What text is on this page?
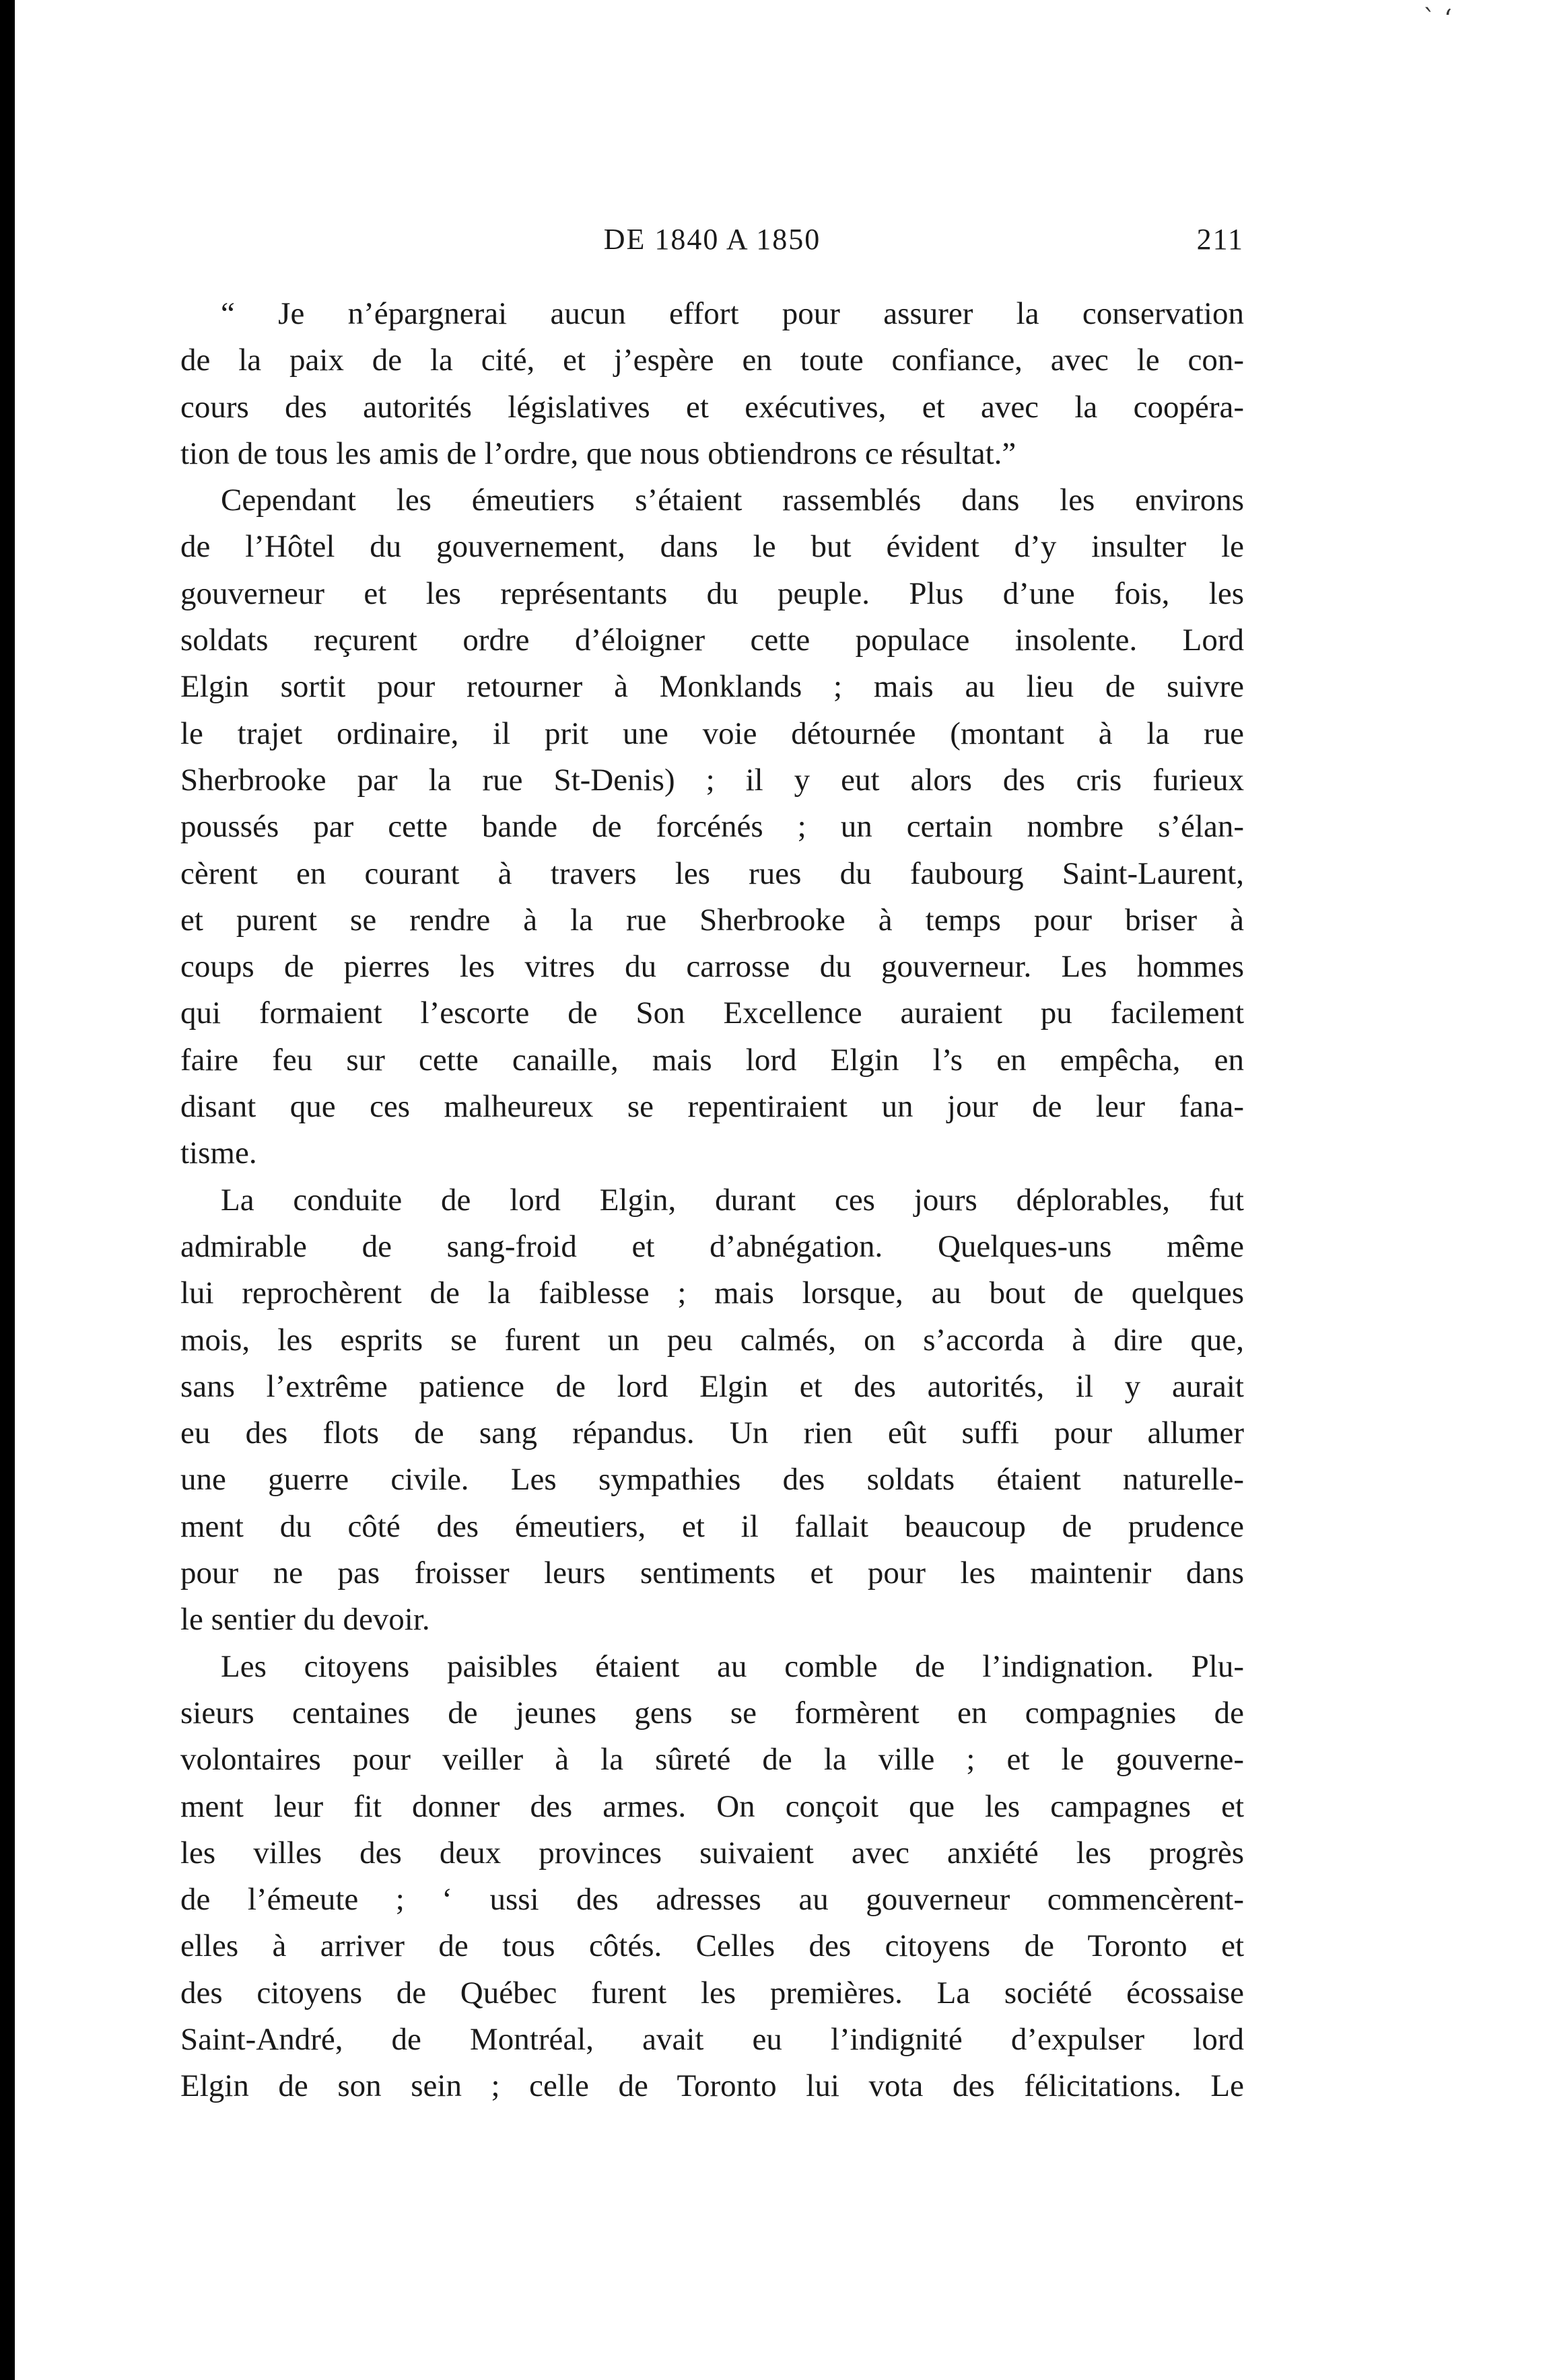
` ‘
DE 1840 A 1850	211
“ Je n’épargnerai aucun effort pour assurer la conservation
de la paix de la cité, et j’espère en toute confiance, avec le con-
cours des autorités législatives et exécutives, et avec la coopéra-
tion de tous les amis de l’ordre, que nous obtiendrons ce résultat.”
Cependant les émeutiers s’étaient rassemblés dans les environs
de l’Hôtel du gouvernement, dans le but évident d’y insulter le
gouverneur et les représentants du peuple. Plus d’une fois, les
soldats reçurent ordre d’éloigner cette populace insolente. Lord
Elgin sortit pour retourner à Monklands ; mais au lieu de suivre
le trajet ordinaire, il prit une voie détournée (montant à la rue
Sherbrooke par la rue St-Denis) ; il y eut alors des cris furieux
poussés par cette bande de forcénés ; un certain nombre s’élan-
cèrent en courant à travers les rues du faubourg Saint-Laurent,
et purent se rendre à la rue Sherbrooke à temps pour briser à
coups de pierres les vitres du carrosse du gouverneur. Les hommes
qui formaient l’escorte de Son Excellence auraient pu facilement
faire feu sur cette canaille, mais lord Elgin l’s en empêcha, en
disant que ces malheureux se repentiraient un jour de leur fana-
tisme.
La conduite de lord Elgin, durant ces jours déplorables, fut
admirable de sang-froid et d’abnégation. Quelques-uns même
lui reprochèrent de la faiblesse ; mais lorsque, au bout de quelques
mois, les esprits se furent un peu calmés, on s’accorda à dire que,
sans l’extrême patience de lord Elgin et des autorités, il y aurait
eu des flots de sang répandus. Un rien eût suffi pour allumer
une guerre civile. Les sympathies des soldats étaient naturelle-
ment du côté des émeutiers, et il fallait beaucoup de prudence
pour ne pas froisser leurs sentiments et pour les maintenir dans
le sentier du devoir.
Les citoyens paisibles étaient au comble de l’indignation. Plu-
sieurs centaines de jeunes gens se formèrent en compagnies de
volontaires pour veiller à la sûreté de la ville ; et le gouverne-
ment leur fit donner des armes. On conçoit que les campagnes et
les villes des deux provinces suivaient avec anxiété les progrès
de l’émeute ; ‘ ussi des adresses au gouverneur commencèrent-
elles à arriver de tous côtés. Celles des citoyens de Toronto et
des citoyens de Québec furent les premières. La société écossaise
Saint-André, de Montréal, avait eu l’indignité d’expulser lord
Elgin de son sein ; celle de Toronto lui vota des félicitations. Le
